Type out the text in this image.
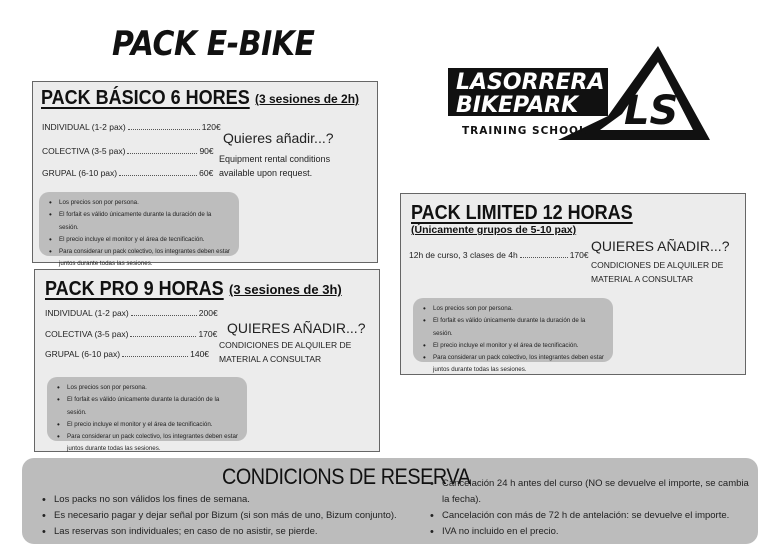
PACK E-BIKE
LASORRERA
BIKEPARK
TRAINING SCHOOL LS
PACK BÁSICO 6 HORES (3 sesiones de 2h)
INDIVIDUAL (1-2 pax)	120€
COLECTIVA (3-5 pax)	90€
GRUPAL (6-10 pax)	60€
Quieres añadir...?
Equipment rental conditions available upon request.
• Los precios son por persona.
• El forfait es válido únicamente durante la duración de la sesión.
• El precio incluye el monitor y el área de tecnificación.
• Para considerar un pack colectivo, los integrantes deben estar juntos durante todas las sesiones.
PACK PRO 9 HORAS (3 sesiones de 3h)
INDIVIDUAL (1-2 pax)	200€
COLECTIVA (3-5 pax)	170€
GRUPAL (6-10 pax)	140€
QUIERES AÑADIR...?
CONDICIONES DE ALQUILER DE MATERIAL A CONSULTAR
• Los precios son por persona.
• El forfait es válido únicamente durante la duración de la sesión.
• El precio incluye el monitor y el área de tecnificación.
• Para considerar un pack colectivo, los integrantes deben estar juntos durante todas las sesiones.
PACK LIMITED 12 HORAS
(Únicamente grupos de 5-10 pax)
12h de curso, 3 clases de 4h	170€
QUIERES AÑADIR...?
CONDICIONES DE ALQUILER DE MATERIAL A CONSULTAR
• Los precios son por persona.
• El forfait es válido únicamente durante la duración de la sesión.
• El precio incluye el monitor y el área de tecnificación.
• Para considerar un pack colectivo, los integrantes deben estar juntos durante todas las sesiones.
CONDICIONS DE RESERVA
• Los packs no son válidos los fines de semana.
• Es necesario pagar y dejar señal por Bizum (si son más de uno, Bizum conjunto).
• Las reservas son individuales; en caso de no asistir, se pierde.
• Cancelación 24 h antes del curso (NO se devuelve el importe, se cambia la fecha).
• Cancelación con más de 72 h de antelación: se devuelve el importe.
• IVA no incluido en el precio.
